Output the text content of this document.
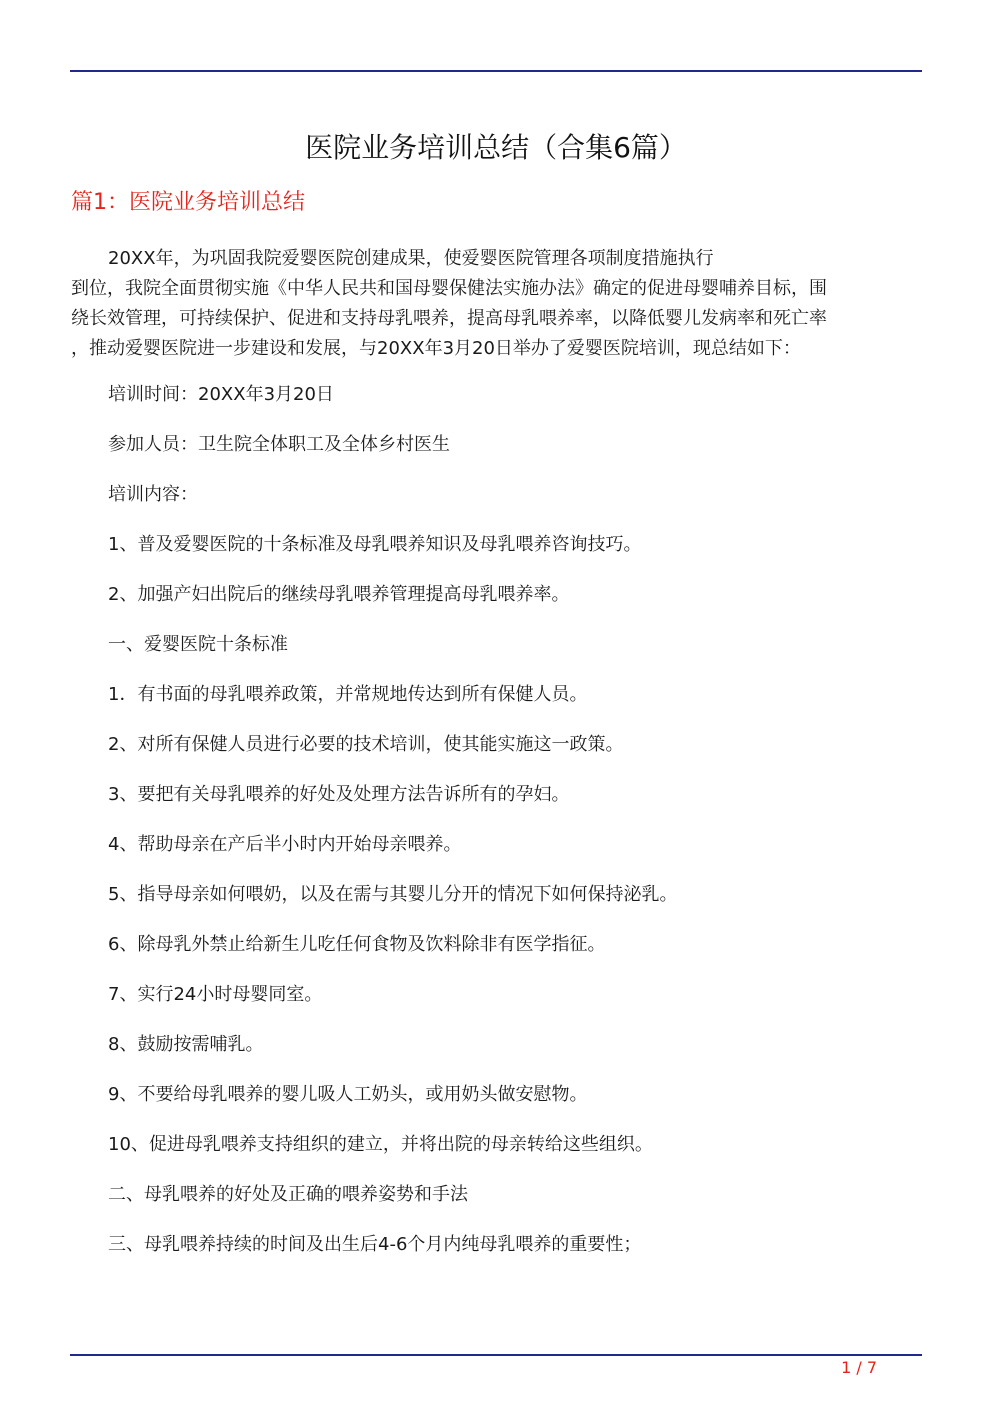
医院业务培训总结（合集6篇）
篇1：医院业务培训总结
20XX年，为巩固我院爱婴医院创建成果，使爱婴医院管理各项制度措施执行
到位，我院全面贯彻实施《中华人民共和国母婴保健法实施办法》确定的促进母婴哺养目标，围
绕长效管理，可持续保护、促进和支持母乳喂养，提高母乳喂养率，以降低婴儿发病率和死亡率
，推动爱婴医院进一步建设和发展，与20XX年3月20日举办了爱婴医院培训，现总结如下：
培训时间：20XX年3月20日
参加人员：卫生院全体职工及全体乡村医生
培训内容：
1、普及爱婴医院的十条标准及母乳喂养知识及母乳喂养咨询技巧。
2、加强产妇出院后的继续母乳喂养管理提高母乳喂养率。
一、爱婴医院十条标准
1．有书面的母乳喂养政策，并常规地传达到所有保健人员。
2、对所有保健人员进行必要的技术培训，使其能实施这一政策。
3、要把有关母乳喂养的好处及处理方法告诉所有的孕妇。
4、帮助母亲在产后半小时内开始母亲喂养。
5、指导母亲如何喂奶，以及在需与其婴儿分开的情况下如何保持泌乳。
6、除母乳外禁止给新生儿吃任何食物及饮料除非有医学指征。
7、实行24小时母婴同室。
8、鼓励按需哺乳。
9、不要给母乳喂养的婴儿吸人工奶头，或用奶头做安慰物。
10、促进母乳喂养支持组织的建立，并将出院的母亲转给这些组织。
二、母乳喂养的好处及正确的喂养姿势和手法
三、母乳喂养持续的时间及出生后4-6个月内纯母乳喂养的重要性；
1 / 7
